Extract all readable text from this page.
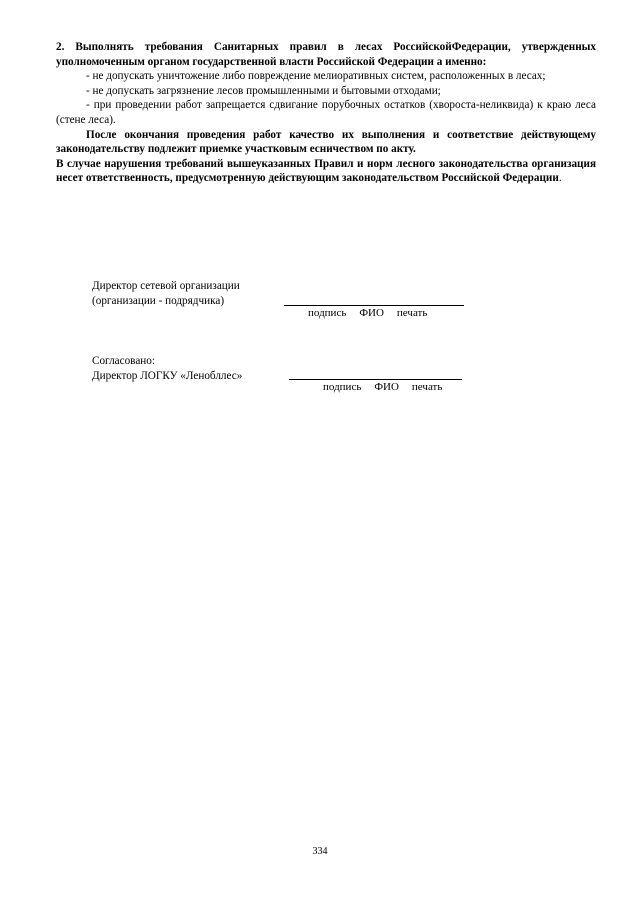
2. Выполнять требования Санитарных правил в лесах РоссийскойФедерации, утвержденных уполномоченным органом государственной власти Российской Федерации а именно:

- не допускать уничтожение либо повреждение мелиоративных систем, расположенных в лесах;

- не допускать загрязнение лесов промышленными и бытовыми отходами;

- при проведении работ запрещается сдвигание порубочных остатков (хвороста-неликвида) к краю леса (стене леса).

После окончания проведения работ качество их выполнения и соответствие действующему законодательству подлежит приемке участковым есничеством по акту.

В случае нарушения требований вышеуказанных Правил и норм лесного законодательства организация несет ответственность, предусмотренную действующим законодательством Российской Федерации.

Директор сетевой организации
(организации - подрядчика)
подпись ФИО печать
Согласовано:
Директор ЛОГКУ «Ленобллес»
подпись ФИО печать
334
